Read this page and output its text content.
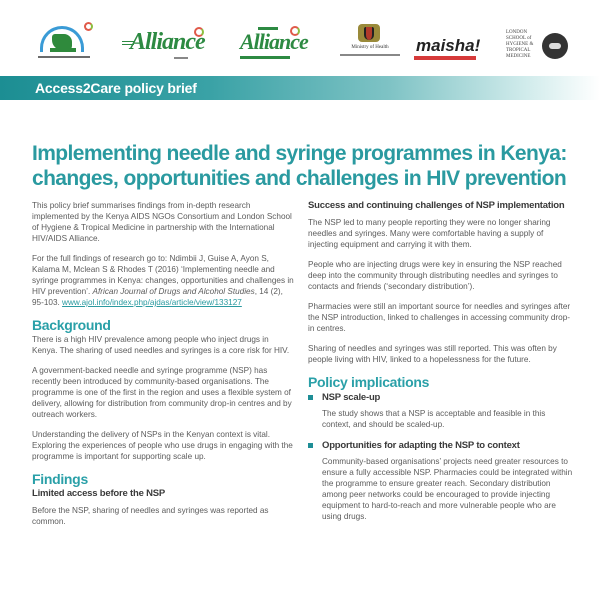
Alliance Alliance	Ministry of Health	maisha!
LONDON SCHOOL of HYGIENE & TROPICAL MEDICINE
Access2Care policy brief
Implementing needle and syringe programmes in Kenya:
changes, opportunities and challenges in HIV prevention

This policy brief summarises findings from in-depth research implemented by the Kenya AIDS NGOs Consortium and London School of Hygiene & Tropical Medicine in partnership with the International HIV/AIDS Alliance.

For the full findings of research go to: Ndimbii J, Guise A, Ayon S, Kalama M, Mclean S & Rhodes T (2016) ‘Implementing needle and syringe programmes in Kenya: changes, opportunities and challenges in HIV prevention’. African Journal of Drugs and Alcohol Studies, 14 (2), 95-103. www.ajol.info/index.php/ajdas/article/view/133127

Background

There is a high HIV prevalence among people who inject drugs in Kenya. The sharing of used needles and syringes is a core risk for HIV.

A government-backed needle and syringe programme (NSP) has recently been introduced by community-based organisations. The programme is one of the first in the region and uses a flexible system of delivery, allowing for distribution from community drop-in centres and by outreach workers.

Understanding the delivery of NSPs in the Kenyan context is vital. Exploring the experiences of people who use drugs in engaging with the programme is important for supporting scale up.

Findings
Limited access before the NSP

Before the NSP, sharing of needles and syringes was reported as common.

Success and continuing challenges of NSP implementation

The NSP led to many people reporting they were no longer sharing needles and syringes. Many were comfortable having a supply of injecting equipment and carrying it with them.

People who are injecting drugs were key in ensuring the NSP reached deep into the community through distributing needles and syringes to contacts and friends (‘secondary distribution’).

Pharmacies were still an important source for needles and syringes after the NSP introduction, linked to challenges in accessing community drop-in centres.

Sharing of needles and syringes was still reported. This was often by people living with HIV, linked to a hopelessness for the future.

Policy implications
NSP scale-up

The study shows that a NSP is acceptable and feasible in this context, and should be scaled-up.

Opportunities for adapting the NSP to context

Community-based organisations’ projects need greater resources to ensure a fully accessible NSP. Pharmacies could be integrated within the programme to ensure greater reach. Secondary distribution among peer networks could be encouraged to provide injecting equipment to hard-to-reach and more vulnerable people who are using drugs.
